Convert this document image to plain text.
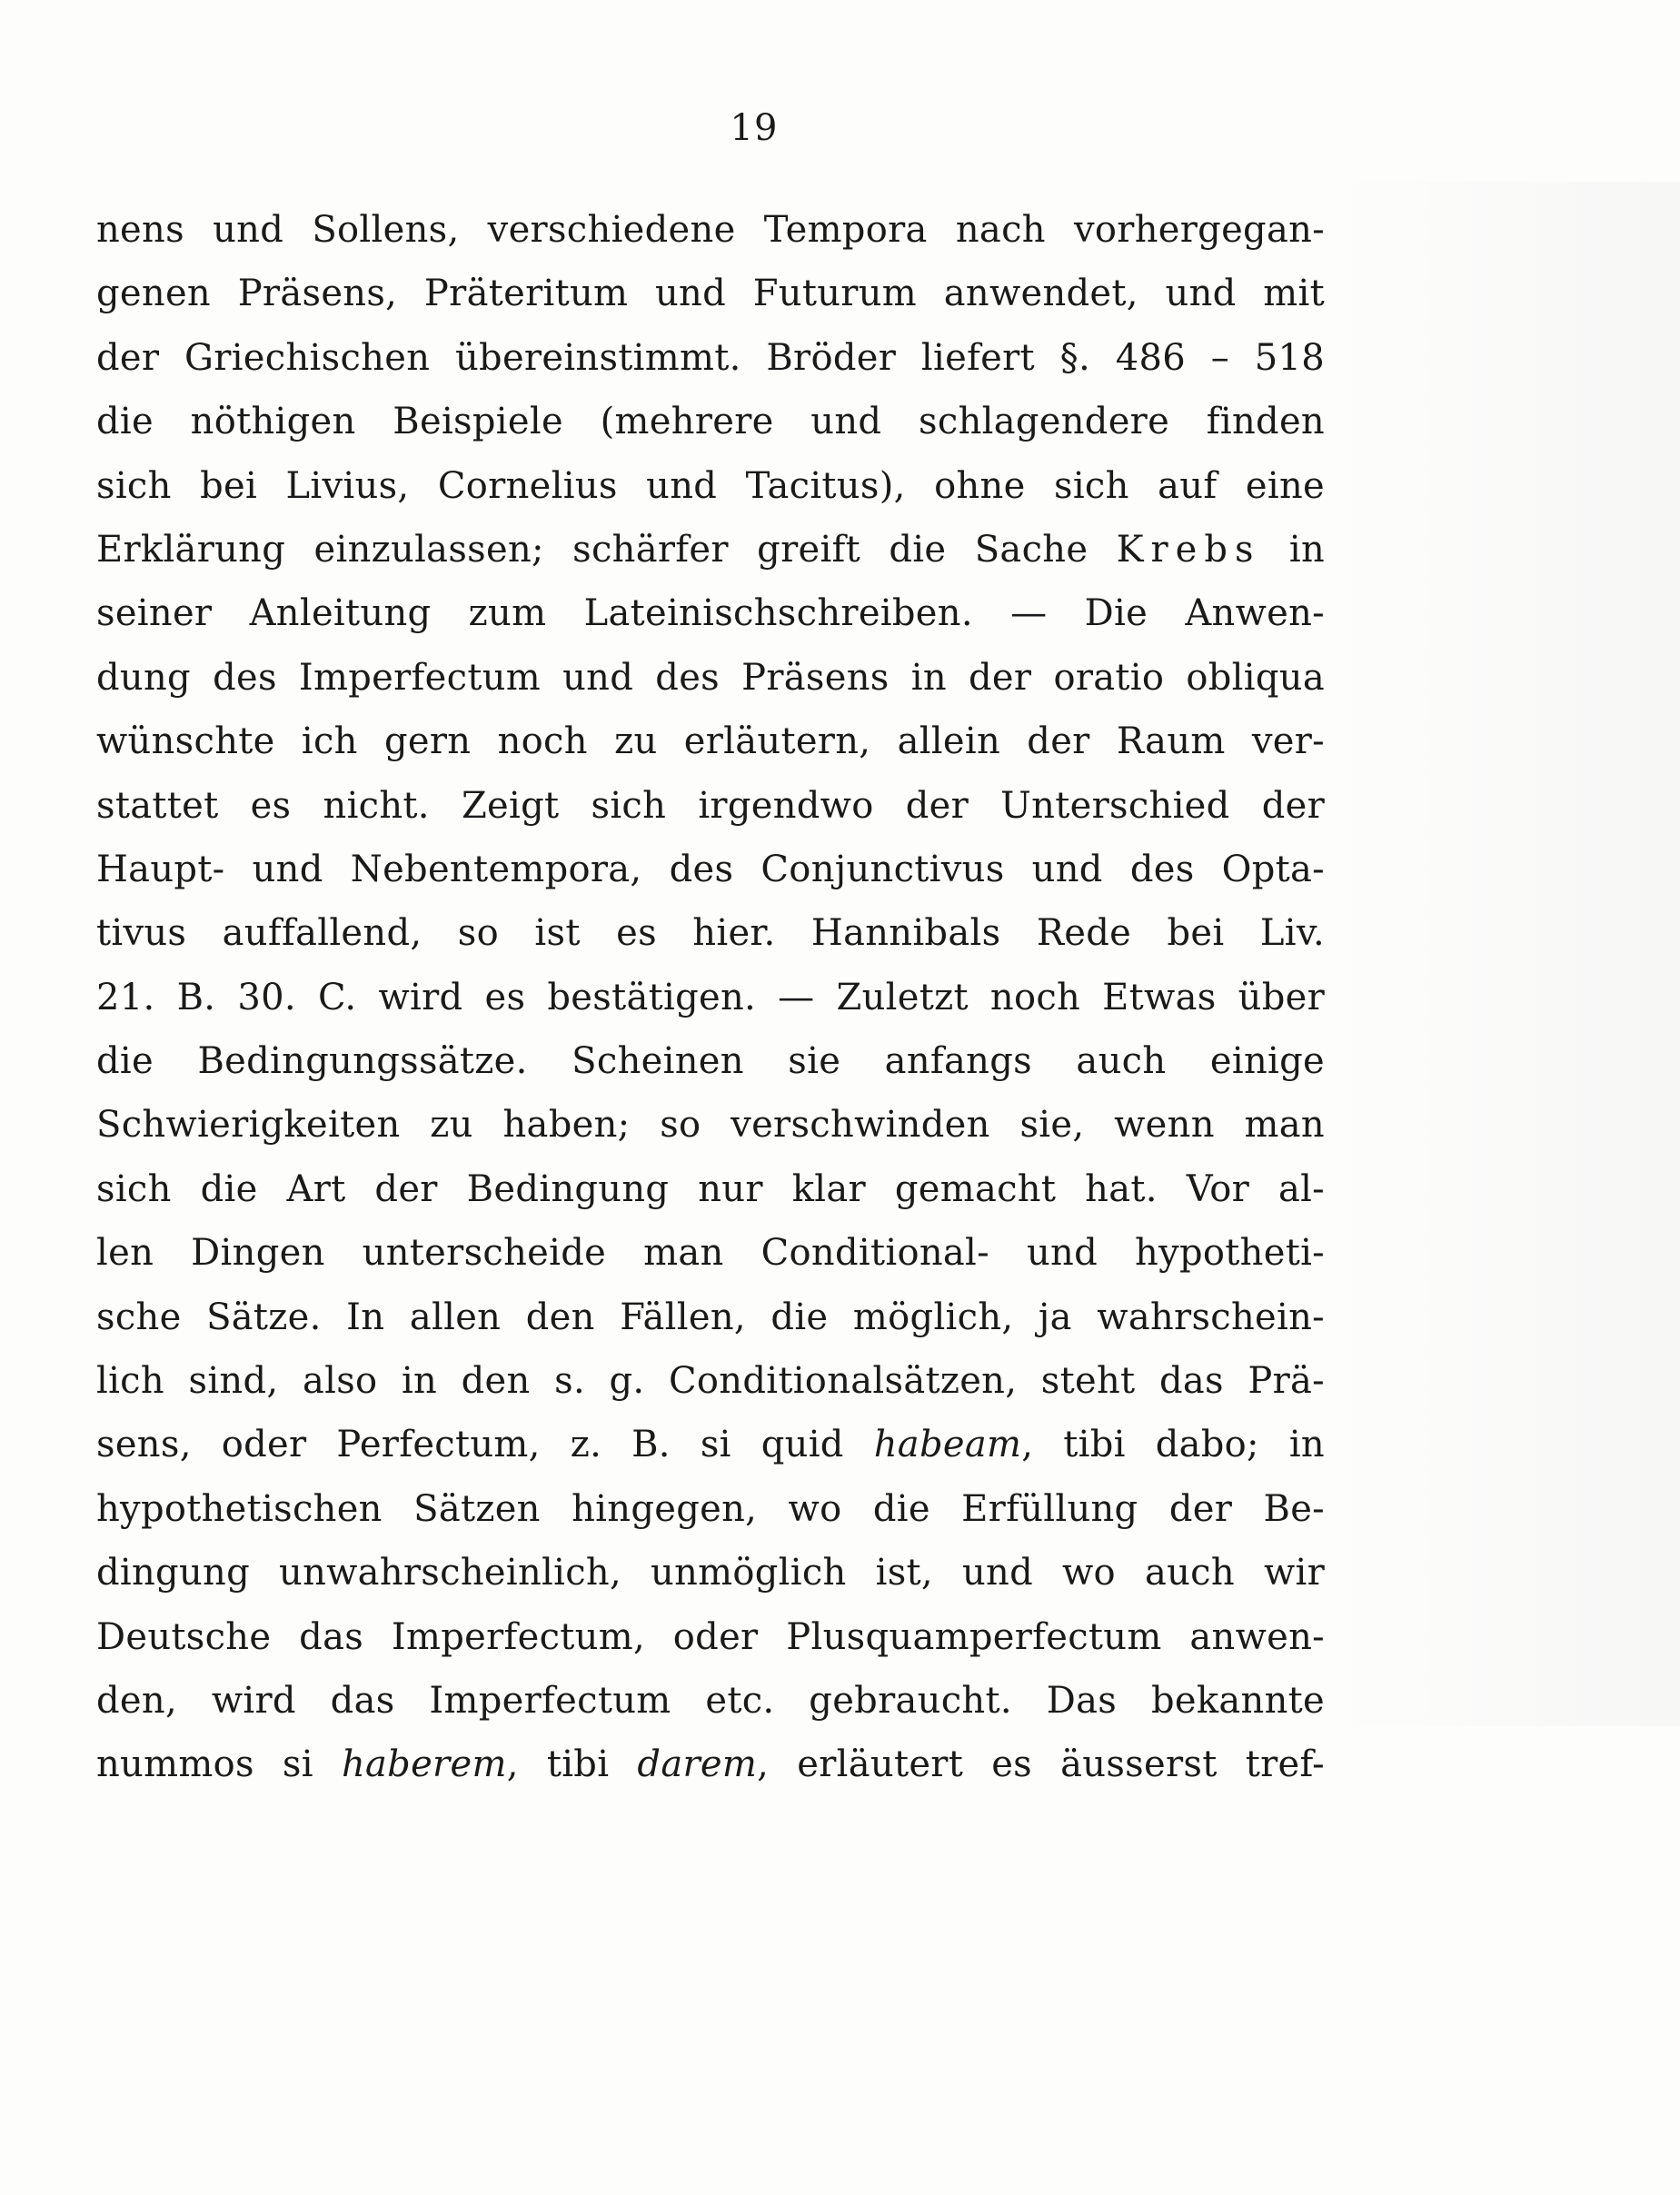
19
nens und Sollens, verschiedene Tempora nach vorhergegan-
genen Präsens, Präteritum und Futurum anwendet, und mit
der Griechischen übereinstimmt. Bröder liefert §. 486 – 518
die nöthigen Beispiele (mehrere und schlagendere finden
sich bei Livius, Cornelius und Tacitus), ohne sich auf eine
Erklärung einzulassen; schärfer greift die Sache Krebs in
seiner Anleitung zum Lateinischschreiben. — Die Anwen-
dung des Imperfectum und des Präsens in der oratio obliqua
wünschte ich gern noch zu erläutern, allein der Raum ver-
stattet es nicht. Zeigt sich irgendwo der Unterschied der
Haupt- und Nebentempora, des Conjunctivus und des Opta-
tivus auffallend, so ist es hier. Hannibals Rede bei Liv.
21. B. 30. C. wird es bestätigen. — Zuletzt noch Etwas über
die Bedingungssätze. Scheinen sie anfangs auch einige
Schwierigkeiten zu haben; so verschwinden sie, wenn man
sich die Art der Bedingung nur klar gemacht hat. Vor al-
len Dingen unterscheide man Conditional- und hypotheti-
sche Sätze. In allen den Fällen, die möglich, ja wahrschein-
lich sind, also in den s. g. Conditionalsätzen, steht das Prä-
sens, oder Perfectum, z. B. si quid habeam, tibi dabo; in
hypothetischen Sätzen hingegen, wo die Erfüllung der Be-
dingung unwahrscheinlich, unmöglich ist, und wo auch wir
Deutsche das Imperfectum, oder Plusquamperfectum anwen-
den, wird das Imperfectum etc. gebraucht. Das bekannte
nummos si haberem, tibi darem, erläutert es äusserst tref-
